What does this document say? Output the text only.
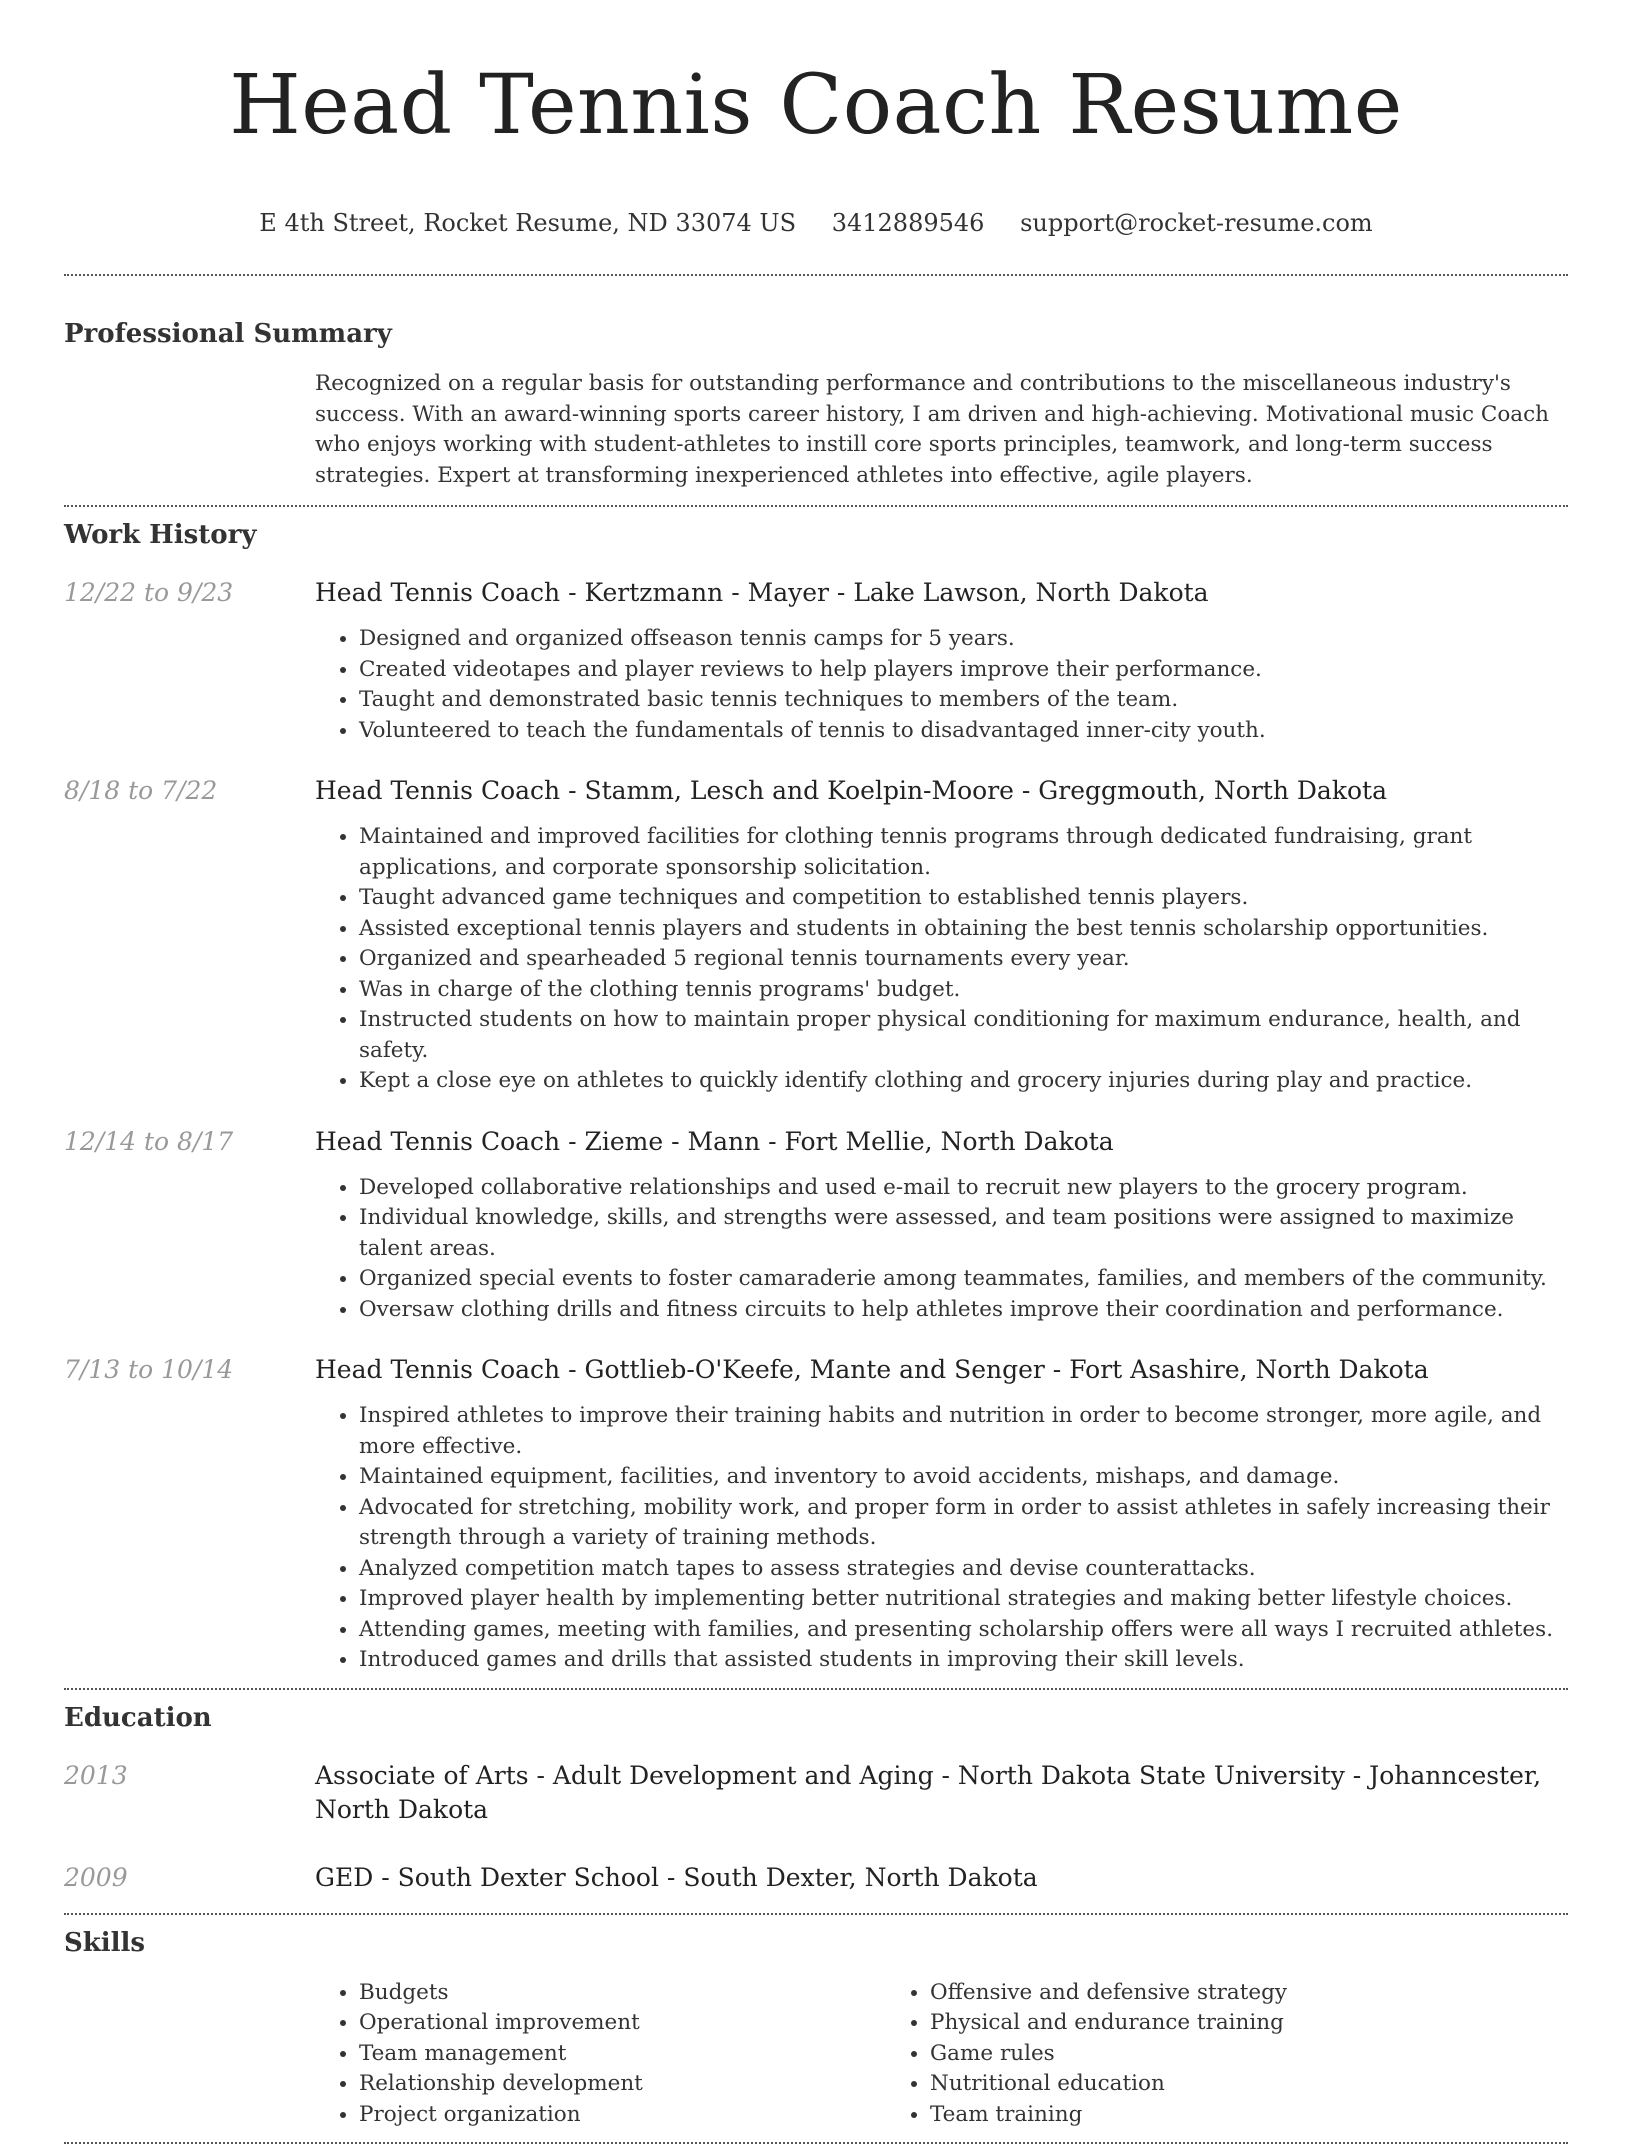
Head Tennis Coach Resume
E 4th Street, Rocket Resume, ND 33074 US 3412889546 support@rocket-resume.com
Professional Summary
Recognized on a regular basis for outstanding performance and contributions to the miscellaneous industry's success. With an award-winning sports career history, I am driven and high-achieving. Motivational music Coach who enjoys working with student-athletes to instill core sports principles, teamwork, and long-term success strategies. Expert at transforming inexperienced athletes into effective, agile players.
Work History
12/22 to 9/23	Head Tennis Coach - Kertzmann - Mayer - Lake Lawson, North Dakota
• Designed and organized offseason tennis camps for 5 years.
• Created videotapes and player reviews to help players improve their performance.
• Taught and demonstrated basic tennis techniques to members of the team.
• Volunteered to teach the fundamentals of tennis to disadvantaged inner-city youth.
8/18 to 7/22	Head Tennis Coach - Stamm, Lesch and Koelpin-Moore - Greggmouth, North Dakota
• Maintained and improved facilities for clothing tennis programs through dedicated fundraising, grant applications, and corporate sponsorship solicitation.
• Taught advanced game techniques and competition to established tennis players.
• Assisted exceptional tennis players and students in obtaining the best tennis scholarship opportunities.
• Organized and spearheaded 5 regional tennis tournaments every year.
• Was in charge of the clothing tennis programs' budget.
• Instructed students on how to maintain proper physical conditioning for maximum endurance, health, and safety.
• Kept a close eye on athletes to quickly identify clothing and grocery injuries during play and practice.
12/14 to 8/17	Head Tennis Coach - Zieme - Mann - Fort Mellie, North Dakota
• Developed collaborative relationships and used e-mail to recruit new players to the grocery program.
• Individual knowledge, skills, and strengths were assessed, and team positions were assigned to maximize talent areas.
• Organized special events to foster camaraderie among teammates, families, and members of the community.
• Oversaw clothing drills and fitness circuits to help athletes improve their coordination and performance.
7/13 to 10/14	Head Tennis Coach - Gottlieb-O'Keefe, Mante and Senger - Fort Asashire, North Dakota
• Inspired athletes to improve their training habits and nutrition in order to become stronger, more agile, and more effective.
• Maintained equipment, facilities, and inventory to avoid accidents, mishaps, and damage.
• Advocated for stretching, mobility work, and proper form in order to assist athletes in safely increasing their strength through a variety of training methods.
• Analyzed competition match tapes to assess strategies and devise counterattacks.
• Improved player health by implementing better nutritional strategies and making better lifestyle choices.
• Attending games, meeting with families, and presenting scholarship offers were all ways I recruited athletes.
• Introduced games and drills that assisted students in improving their skill levels.
Education
2013	Associate of Arts - Adult Development and Aging - North Dakota State University - Johanncester, North Dakota
2009	GED - South Dexter School - South Dexter, North Dakota
Skills
• Budgets
• Operational improvement
• Team management
• Relationship development
• Project organization
• Offensive and defensive strategy
• Physical and endurance training
• Game rules
• Nutritional education
• Team training
